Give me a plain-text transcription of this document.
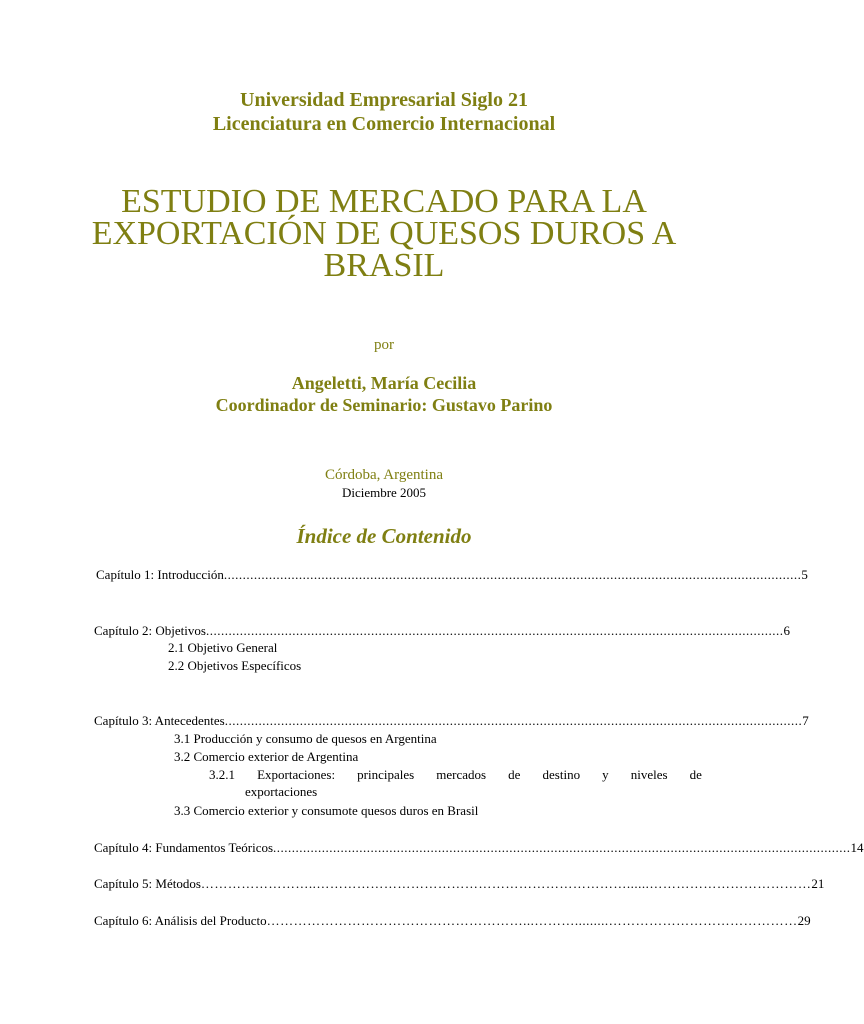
Universidad Empresarial Siglo 21
Licenciatura en Comercio Internacional
ESTUDIO DE MERCADO PARA LA
EXPORTACIÓN DE QUESOS DUROS A
BRASIL
por
Angeletti, María Cecilia
Coordinador de Seminario: Gustavo Parino
Córdoba, Argentina
Diciembre 2005
Índice de Contenido
Capítulo 1: Introducción .......................................................................................................................................................... 5
Capítulo 2: Objetivos .......................................................................................................................................................... 6
2.1 Objetivo General
2.2 Objetivos Específicos
Capítulo 3: Antecedentes .......................................................................................................................................................... 7
3.1 Producción y consumo de quesos en Argentina
3.2 Comercio exterior de Argentina
3.2.1 Exportaciones: principales mercados de destino y niveles de
exportaciones
3.3 Comercio exterior y consumote quesos duros en Brasil
Capítulo 4: Fundamentos Teóricos .......................................................................................................................................................... 14
Capítulo 5: Métodos ……………………..……………………………………………………………......……………………………… 21
Capítulo 6: Análisis del Producto …………………………………………………...……….........…………………………………… 29
